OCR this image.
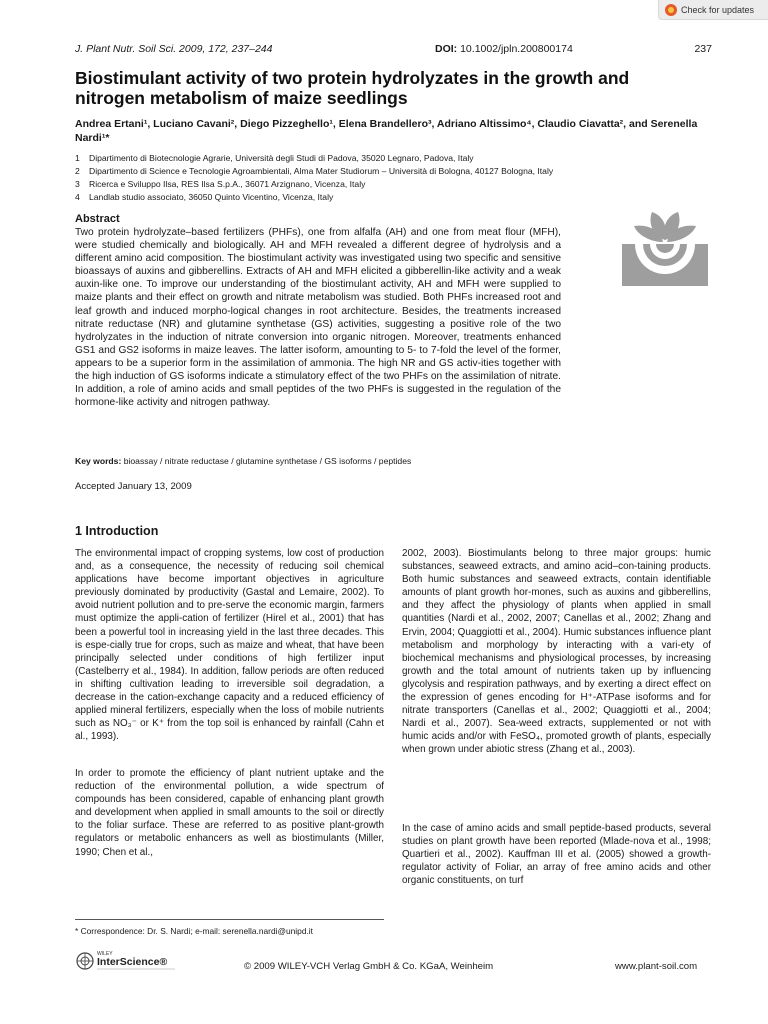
Check for updates
J. Plant Nutr. Soil Sci. 2009, 172, 237–244	DOI: 10.1002/jpln.200800174	237
Biostimulant activity of two protein hydrolyzates in the growth and nitrogen metabolism of maize seedlings
Andrea Ertani¹, Luciano Cavani², Diego Pizzeghello¹, Elena Brandellero³, Adriano Altissimo⁴, Claudio Ciavatta², and Serenella Nardi¹*
1	Dipartimento di Biotecnologie Agrarie, Università degli Studi di Padova, 35020 Legnaro, Padova, Italy
2	Dipartimento di Science e Tecnologie Agroambientali, Alma Mater Studiorum – Università di Bologna, 40127 Bologna, Italy
3	Ricerca e Sviluppo Ilsa, RES Ilsa S.p.A., 36071 Arzignano, Vicenza, Italy
4	Landlab studio associato, 36050 Quinto Vicentino, Vicenza, Italy
Abstract
Two protein hydrolyzate–based fertilizers (PHFs), one from alfalfa (AH) and one from meat flour (MFH), were studied chemically and biologically. AH and MFH revealed a different degree of hydrolysis and a different amino acid composition. The biostimulant activity was investigated using two specific and sensitive bioassays of auxins and gibberellins. Extracts of AH and MFH elicited a gibberellin-like activity and a weak auxin-like one. To improve our understanding of the biostimulant activity, AH and MFH were supplied to maize plants and their effect on growth and nitrate metabolism was studied. Both PHFs increased root and leaf growth and induced morpho-logical changes in root architecture. Besides, the treatments increased nitrate reductase (NR) and glutamine synthetase (GS) activities, suggesting a positive role of the two hydrolyzates in the induction of nitrate conversion into organic nitrogen. Moreover, treatments enhanced GS1 and GS2 isoforms in maize leaves. The latter isoform, amounting to 5- to 7-fold the level of the former, appears to be a superior form in the assimilation of ammonia. The high NR and GS activ-ities together with the high induction of GS isoforms indicate a stimulatory effect of the two PHFs on the assimilation of nitrate. In addition, a role of amino acids and small peptides of the two PHFs is suggested in the regulation of the hormone-like activity and nitrogen pathway.
Key words: bioassay / nitrate reductase / glutamine synthetase / GS isoforms / peptides
Accepted January 13, 2009
1 Introduction
The environmental impact of cropping systems, low cost of production and, as a consequence, the necessity of reducing soil chemical applications have become important objectives in agriculture previously dominated by productivity (Gastal and Lemaire, 2002). To avoid nutrient pollution and to pre-serve the economic margin, farmers must optimize the appli-cation of fertilizer (Hirel et al., 2001) that has been a powerful tool in increasing yield in the last three decades. This is espe-cially true for crops, such as maize and wheat, that have been principally selected under conditions of high fertilizer input (Castelberry et al., 1984). In addition, fallow periods are often reduced in shifting cultivation leading to irreversible soil degradation, a decrease in the cation-exchange capacity and a reduced efficiency of applied mineral fertilizers, especially when the loss of mobile nutrients such as NO₃⁻ or K⁺ from the top soil is enhanced by rainfall (Cahn et al., 1993).
In order to promote the efficiency of plant nutrient uptake and the reduction of the environmental pollution, a wide spectrum of compounds has been considered, capable of enhancing plant growth and development when applied in small amounts to the soil or directly to the foliar surface. These are referred to as positive plant-growth regulators or metabolic enhancers as well as biostimulants (Miller, 1990; Chen et al.,
2002, 2003). Biostimulants belong to three major groups: humic substances, seaweed extracts, and amino acid–con-taining products. Both humic substances and seaweed extracts, contain identifiable amounts of plant growth hor-mones, such as auxins and gibberellins, and they affect the physiology of plants when applied in small quantities (Nardi et al., 2002, 2007; Canellas et al., 2002; Zhang and Ervin, 2004; Quaggiotti et al., 2004). Humic substances influence plant metabolism and morphology by interacting with a vari-ety of biochemical mechanisms and physiological processes, by increasing growth and the total amount of nutrients taken up by influencing glycolysis and respiration pathways, and by exerting a direct effect on the expression of genes encoding for H⁺-ATPase isoforms and for nitrate transporters (Canellas et al., 2002; Quaggiotti et al., 2004; Nardi et al., 2007). Sea-weed extracts, supplemented or not with humic acids and/or with FeSO₄, promoted growth of plants, especially when grown under abiotic stress (Zhang et al., 2003).
In the case of amino acids and small peptide-based products, several studies on plant growth have been reported (Mlade-nova et al., 1998; Quartieri et al., 2002). Kauffman III et al. (2005) showed a growth-regulator activity of Foliar, an array of free amino acids and other organic constituents, on turf
* Correspondence: Dr. S. Nardi; e-mail: serenella.nardi@unipd.it
WILEY
InterScience®	© 2009 WILEY-VCH Verlag GmbH & Co. KGaA, Weinheim	www.plant-soil.com
